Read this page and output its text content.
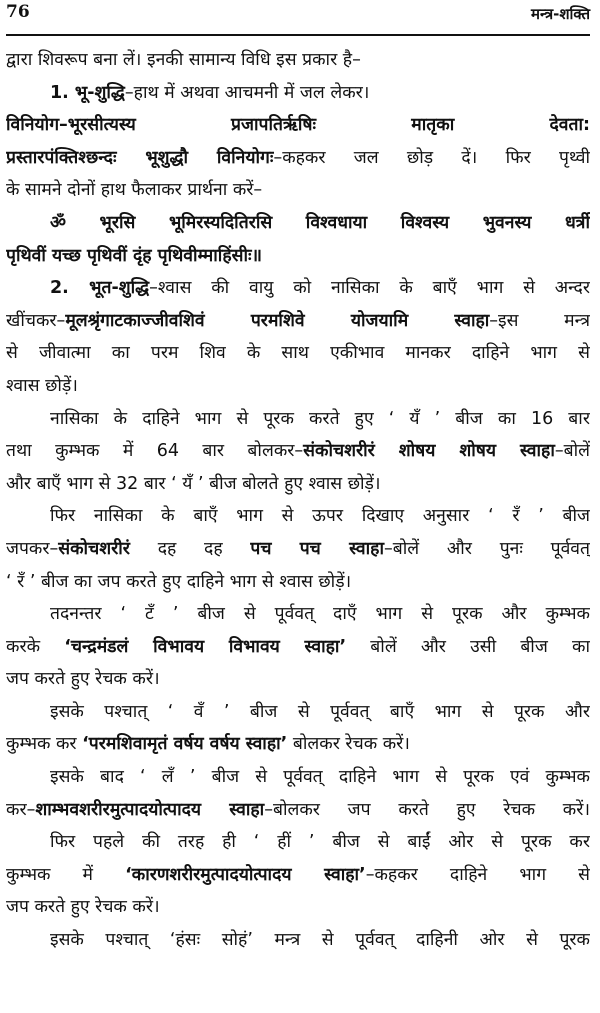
76	मन्त्र-शक्ति
द्वारा शिवरूप बना लें। इनकी सामान्य विधि इस प्रकार है–
1. भू-शुद्धि–हाथ में अथवा आचमनी में जल लेकर।
विनियोग–भूरसीत्यस्य प्रजापतिर्ऋषिः मातृका देवता:
प्रस्तारपंक्तिश्छन्दः भूशुद्धौ विनियोगः–कहकर जल छोड़ दें। फिर पृथ्वी
के सामने दोनों हाथ फैलाकर प्रार्थना करें–
ॐ भूरसि भूमिरस्यदितिरसि विश्वधाया विश्वस्य भुवनस्य धर्त्री
पृथिवीं यच्छ पृथिवीं दृंह पृथिवीम्माहिंसीः॥
2. भूत-शुद्धि–श्वास की वायु को नासिका के बाएँ भाग से अन्दर
खींचकर–मूलश्रृंगाटकाज्जीवशिवं परमशिवे योजयामि स्वाहा–इस मन्त्र
से जीवात्मा का परम शिव के साथ एकीभाव मानकर दाहिने भाग से
श्वास छोड़ें।
नासिका के दाहिने भाग से पूरक करते हुए ‘ यँ ’ बीज का 16 बार
तथा कुम्भक में 64 बार बोलकर–संकोचशरीरं शोषय शोषय स्वाहा–बोलें
और बाएँ भाग से 32 बार ‘ यँ ’ बीज बोलते हुए श्वास छोड़ें।
फिर नासिका के बाएँ भाग से ऊपर दिखाए अनुसार ‘ रँ ’ बीज
जपकर–संकोचशरीरं दह दह पच पच स्वाहा–बोलें और पुनः पूर्ववत्
‘ रँ ’ बीज का जप करते हुए दाहिने भाग से श्वास छोड़ें।
तदनन्तर ‘ टँ ’ बीज से पूर्ववत् दाएँ भाग से पूरक और कुम्भक
करके ‘चन्द्रमंडलं विभावय विभावय स्वाहा’ बोलें और उसी बीज का
जप करते हुए रेचक करें।
इसके पश्चात् ‘ वँ ’ बीज से पूर्ववत् बाएँ भाग से पूरक और
कुम्भक कर ‘परमशिवामृतं वर्षय वर्षय स्वाहा’ बोलकर रेचक करें।
इसके बाद ‘ लँ ’ बीज से पूर्ववत् दाहिने भाग से पूरक एवं कुम्भक
कर–शाम्भवशरीरमुत्पादयोत्पादय स्वाहा–बोलकर जप करते हुए रेचक करें।
फिर पहले की तरह ही ‘ हीं ’ बीज से बाईं ओर से पूरक कर
कुम्भक में ‘कारणशरीरमुत्पादयोत्पादय स्वाहा’–कहकर दाहिने भाग से
जप करते हुए रेचक करें।
इसके पश्चात् ‘हंसः सोहं’ मन्त्र से पूर्ववत् दाहिनी ओर से पूरक
